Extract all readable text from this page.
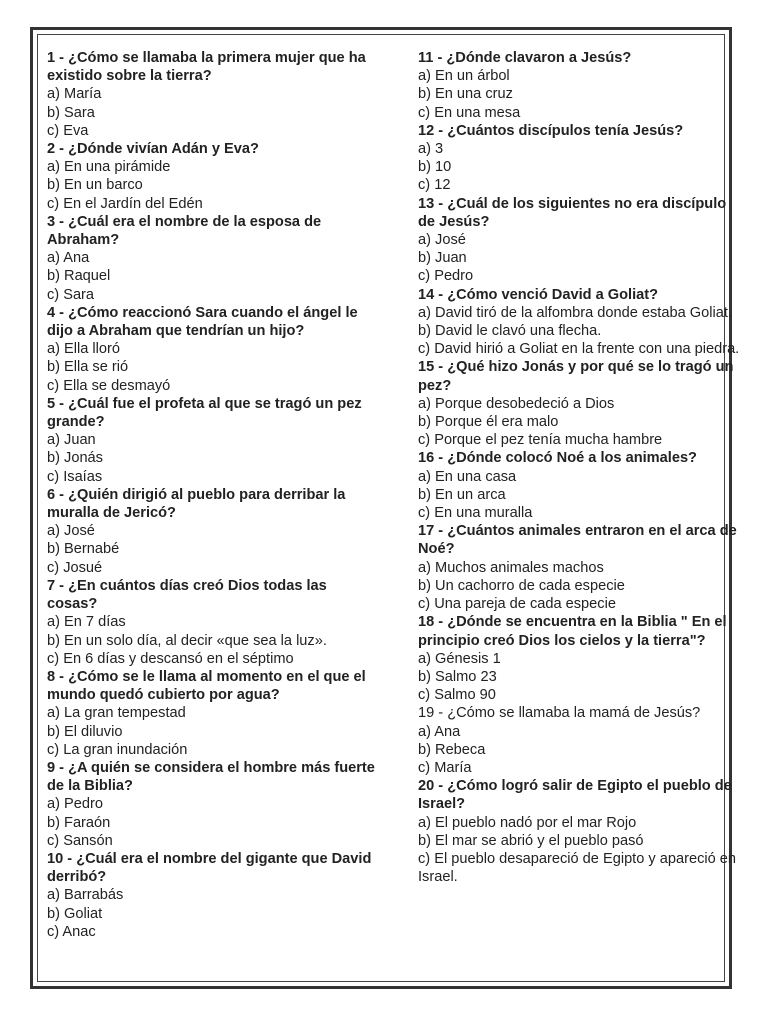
1 - ¿Cómo se llamaba la primera mujer que ha existido sobre la tierra?
a) María
b) Sara
c) Eva
2 - ¿Dónde vivían Adán y Eva?
a) En una pirámide
b) En un barco
c) En el Jardín del Edén
3 - ¿Cuál era el nombre de la esposa de Abraham?
a) Ana
b) Raquel
c) Sara
4 - ¿Cómo reaccionó Sara cuando el ángel le dijo a Abraham que tendrían un hijo?
a) Ella lloró
b) Ella se rió
c) Ella se desmayó
5 - ¿Cuál fue el profeta al que se tragó un pez grande?
a) Juan
b) Jonás
c) Isaías
6 - ¿Quién dirigió al pueblo para derribar la muralla de Jericó?
a) José
b) Bernabé
c) Josué
7 - ¿En cuántos días creó Dios todas las cosas?
a) En 7 días
b) En un solo día, al decir «que sea la luz».
c) En 6 días y descansó en el séptimo
8 - ¿Cómo se le llama al momento en el que el mundo quedó cubierto por agua?
a) La gran tempestad
b) El diluvio
c) La gran inundación
9 - ¿A quién se considera el hombre más fuerte de la Biblia?
a) Pedro
b) Faraón
c) Sansón
10 - ¿Cuál era el nombre del gigante que David derribó?
a) Barrabás
b) Goliat
c) Anac
11 - ¿Dónde clavaron a Jesús?
a) En un árbol
b) En una cruz
c) En una mesa
12 - ¿Cuántos discípulos tenía Jesús?
a) 3
b) 10
c) 12
13 - ¿Cuál de los siguientes no era discípulo de Jesús?
a) José
b) Juan
c) Pedro
14 - ¿Cómo venció David a Goliat?
a) David tiró de la alfombra donde estaba Goliat.
b) David le clavó una flecha.
c) David hirió a Goliat en la frente con una piedra.
15 - ¿Qué hizo Jonás y por qué se lo tragó un pez?
a) Porque desobedeció a Dios
b) Porque él era malo
c) Porque el pez tenía mucha hambre
16 - ¿Dónde colocó Noé a los animales?
a) En una casa
b) En un arca
c) En una muralla
17 - ¿Cuántos animales entraron en el arca de Noé?
a) Muchos animales machos
b) Un cachorro de cada especie
c) Una pareja de cada especie
18 - ¿Dónde se encuentra en la Biblia " En el principio creó Dios los cielos y la tierra"?
a) Génesis 1
b) Salmo 23
c) Salmo 90
19 - ¿Cómo se llamaba la mamá de Jesús?
a) Ana
b) Rebeca
c) María
20 - ¿Cómo logró salir de Egipto el pueblo de Israel?
a) El pueblo nadó por el mar Rojo
b) El mar se abrió y el pueblo pasó
c) El pueblo desapareció de Egipto y apareció en Israel.
